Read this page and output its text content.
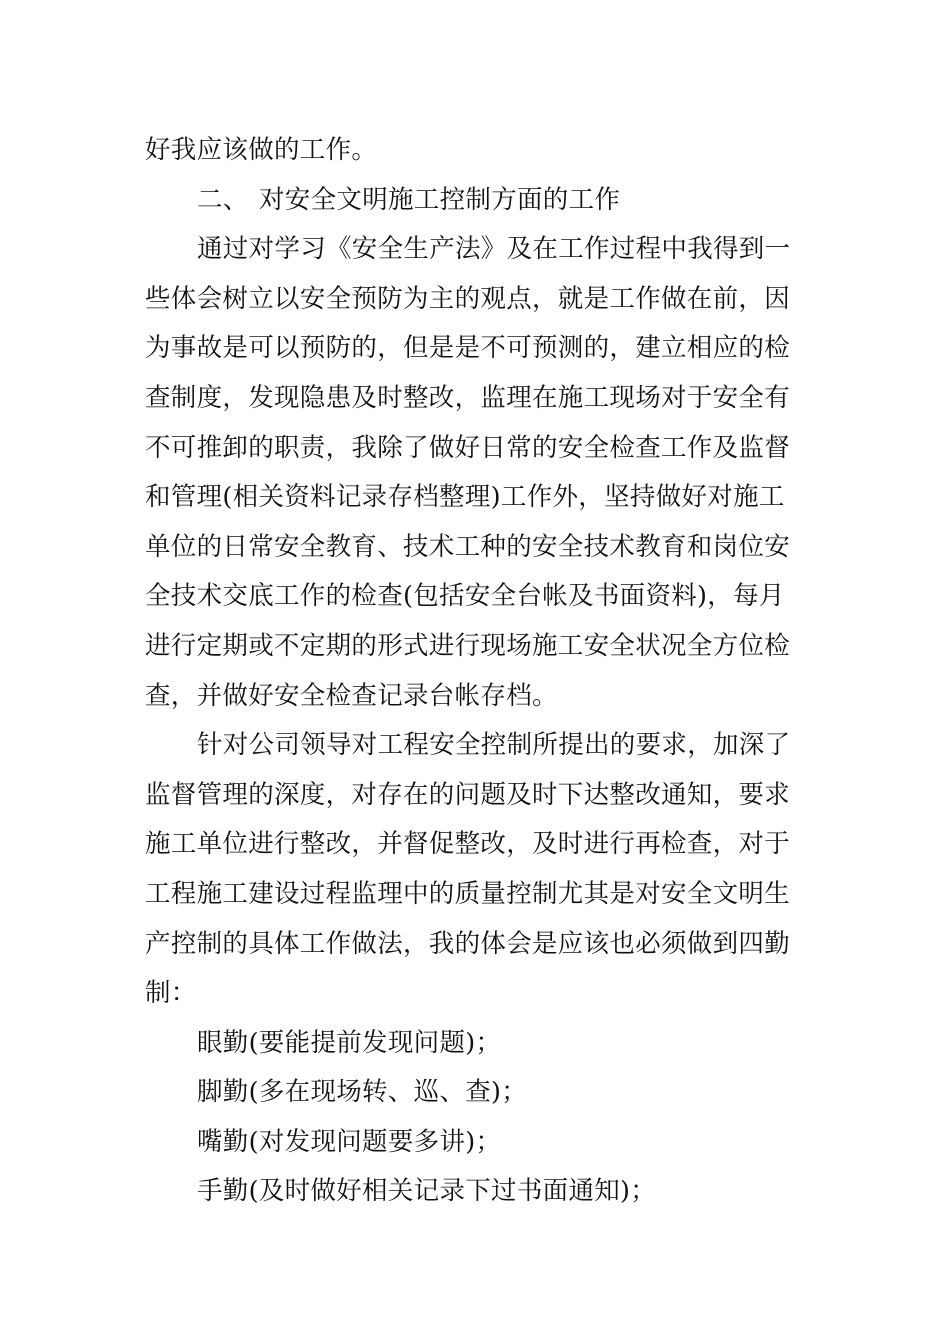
好我应该做的工作。
二、 对安全文明施工控制方面的工作
通过对学习《安全生产法》及在工作过程中我得到一
些体会树立以安全预防为主的观点，就是工作做在前，因
为事故是可以预防的，但是是不可预测的，建立相应的检
查制度，发现隐患及时整改，监理在施工现场对于安全有
不可推卸的职责，我除了做好日常的安全检查工作及监督
和管理(相关资料记录存档整理)工作外，坚持做好对施工
单位的日常安全教育、技术工种的安全技术教育和岗位安
全技术交底工作的检查(包括安全台帐及书面资料)，每月
进行定期或不定期的形式进行现场施工安全状况全方位检
查，并做好安全检查记录台帐存档。
针对公司领导对工程安全控制所提出的要求，加深了
监督管理的深度，对存在的问题及时下达整改通知，要求
施工单位进行整改，并督促整改，及时进行再检查，对于
工程施工建设过程监理中的质量控制尤其是对安全文明生
产控制的具体工作做法，我的体会是应该也必须做到四勤
制：
眼勤(要能提前发现问题)；
脚勤(多在现场转、巡、查)；
嘴勤(对发现问题要多讲)；
手勤(及时做好相关记录下过书面通知)；
